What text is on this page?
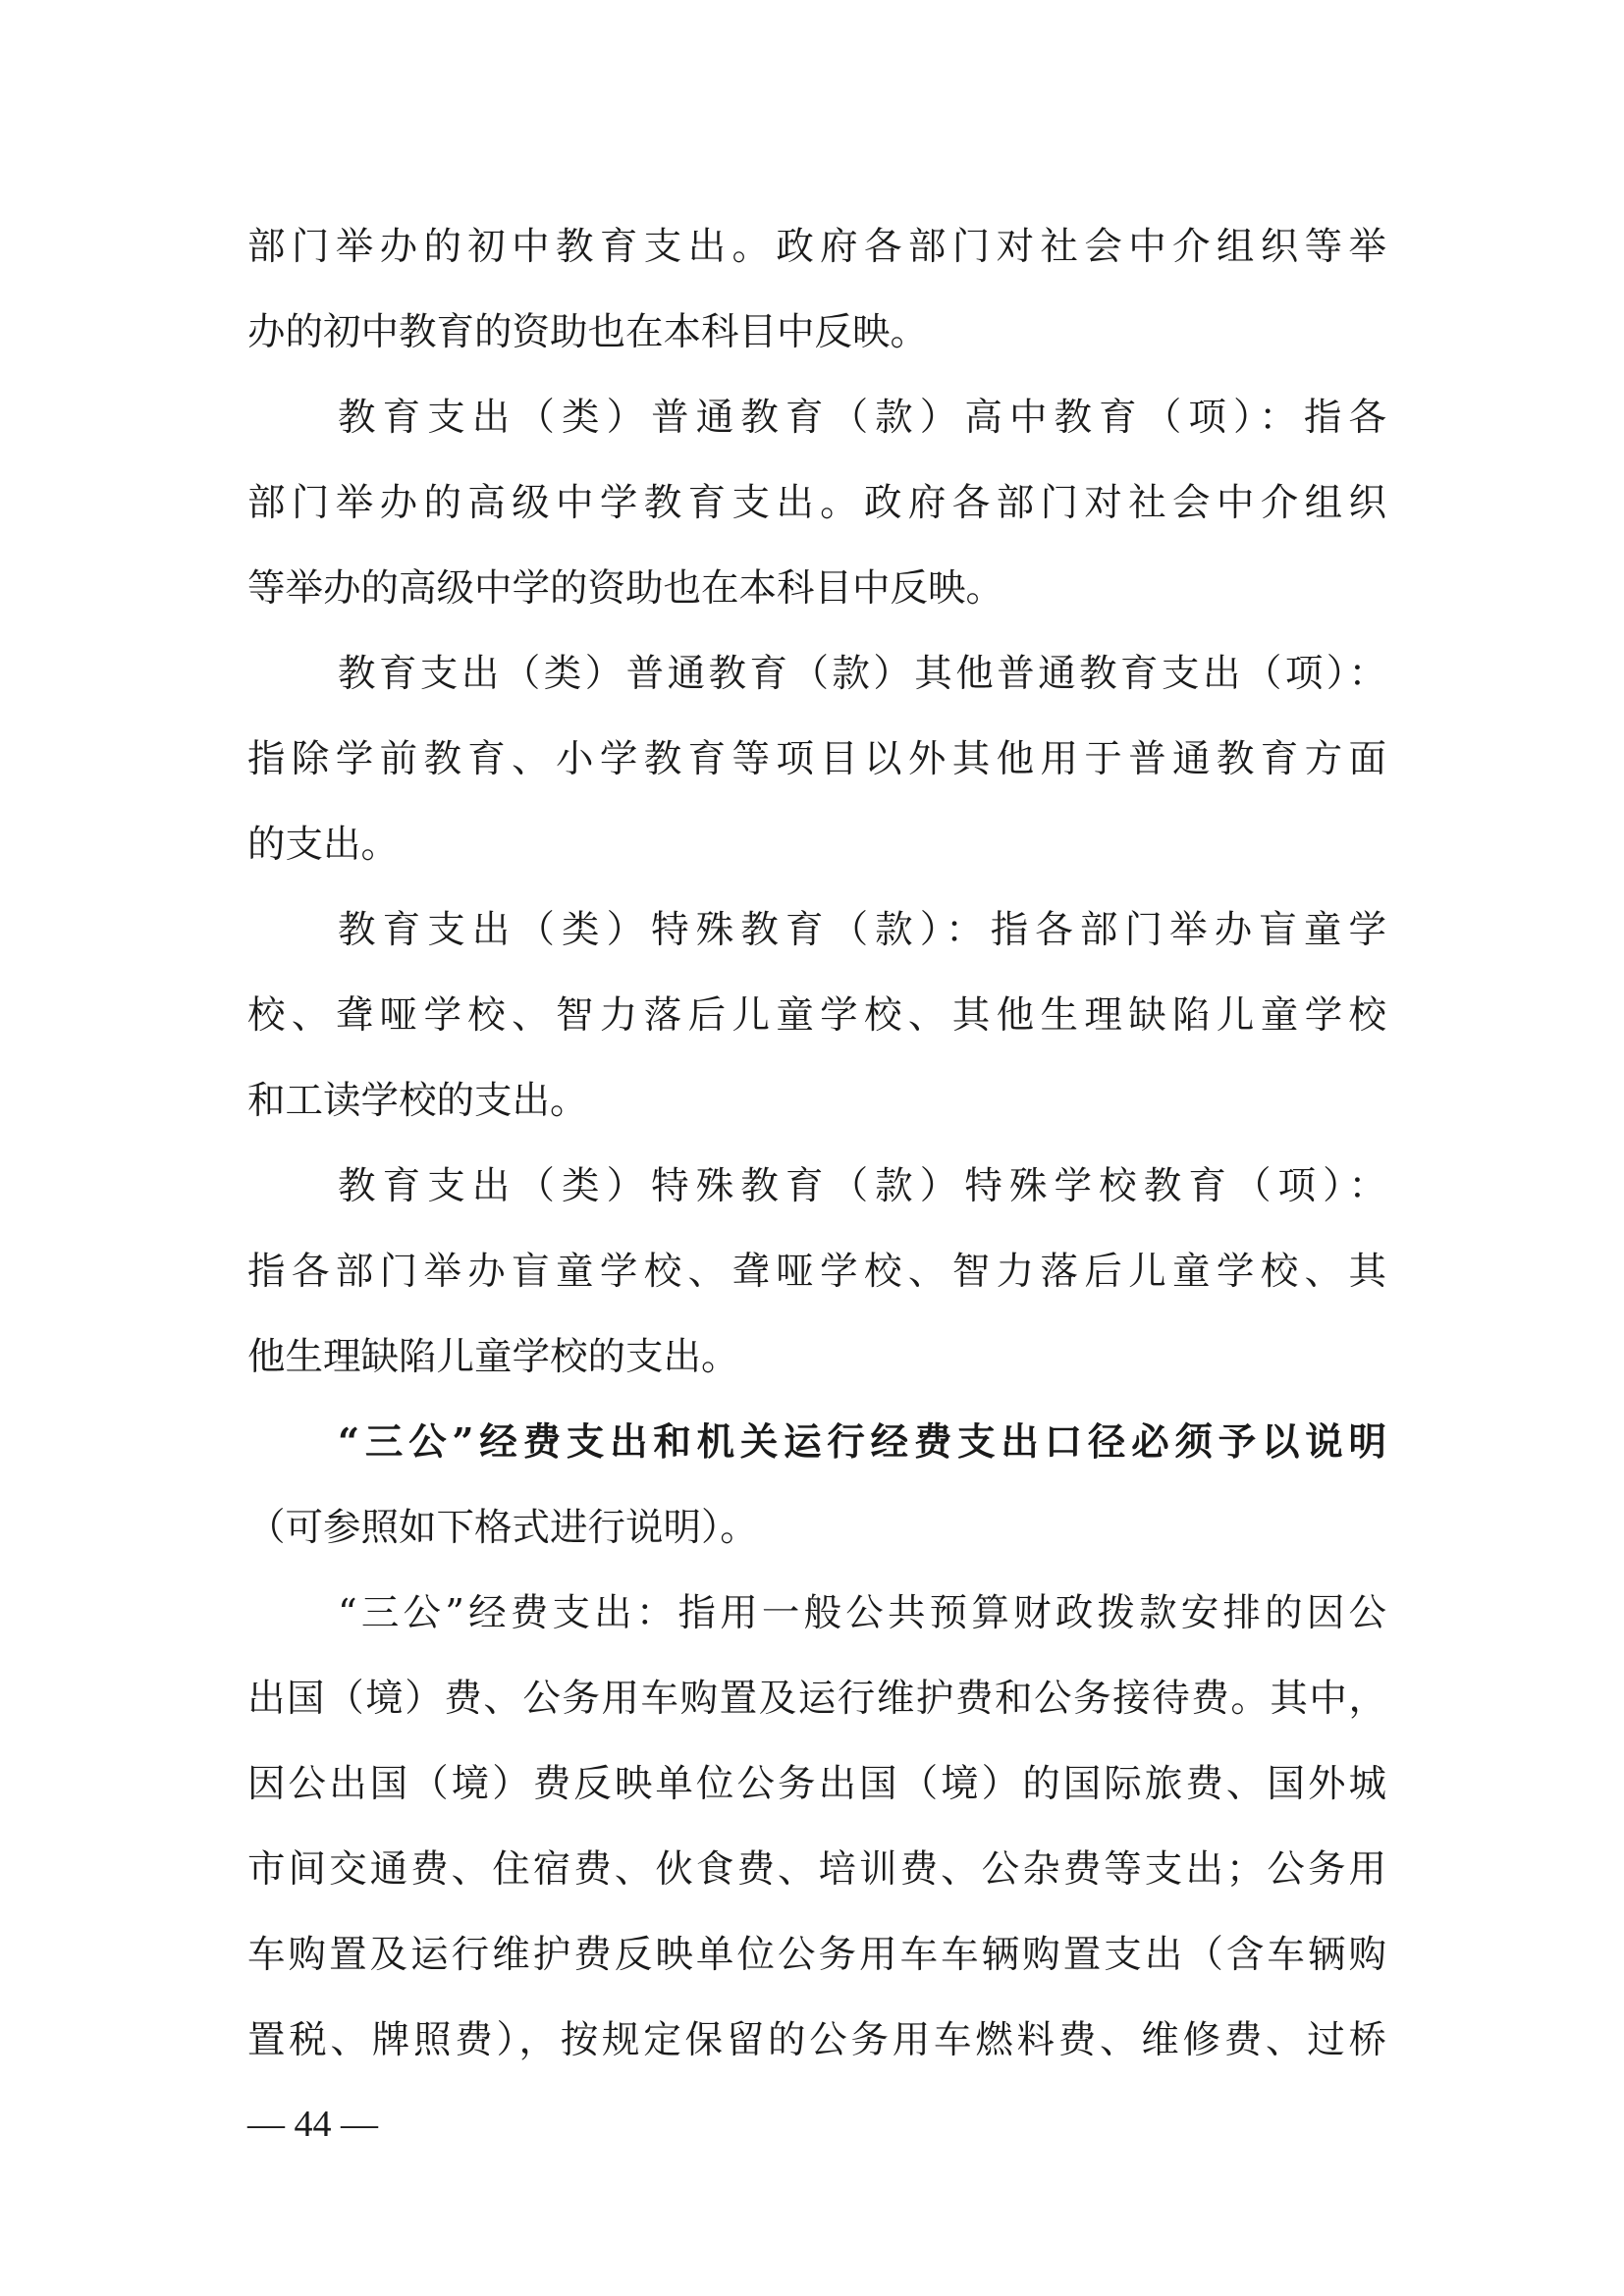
部门举办的初中教育支出。政府各部门对社会中介组织等举
办的初中教育的资助也在本科目中反映。
教育支出（类）普通教育（款）高中教育（项）：指各
部门举办的高级中学教育支出。政府各部门对社会中介组织
等举办的高级中学的资助也在本科目中反映。
教育支出（类）普通教育（款）其他普通教育支出（项）：
指除学前教育、小学教育等项目以外其他用于普通教育方面
的支出。
教育支出（类）特殊教育（款）：指各部门举办盲童学
校、聋哑学校、智力落后儿童学校、其他生理缺陷儿童学校
和工读学校的支出。
教育支出（类）特殊教育（款）特殊学校教育（项）：
指各部门举办盲童学校、聋哑学校、智力落后儿童学校、其
他生理缺陷儿童学校的支出。
“三公”经费支出和机关运行经费支出口径必须予以说明
（可参照如下格式进行说明）。
“三公”经费支出：指用一般公共预算财政拨款安排的因公
出国（境）费、公务用车购置及运行维护费和公务接待费。其中，
因公出国（境）费反映单位公务出国（境）的国际旅费、国外城
市间交通费、住宿费、伙食费、培训费、公杂费等支出；公务用
车购置及运行维护费反映单位公务用车车辆购置支出（含车辆购
置税、牌照费），按规定保留的公务用车燃料费、维修费、过桥
— 44 —
